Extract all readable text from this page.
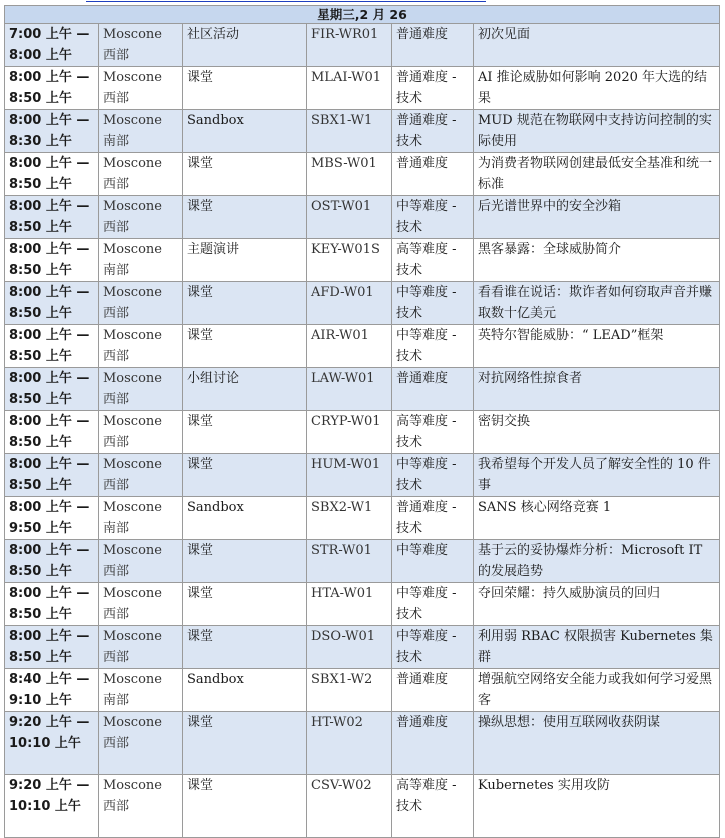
星期三,2 月 26					
7:00 上午 —8:00 上午	Moscone 西部	社区活动	FIR-WR01	普通难度	初次见面
8:00 上午 —8:50 上午	Moscone 西部	课堂	MLAI-W01	普通难度 - 技术	AI 推论威胁如何影响 2020 年大选的结果
8:00 上午 —8:30 上午	Moscone 南部	Sandbox	SBX1-W1	普通难度 - 技术	MUD 规范在物联网中支持访问控制的实际使用
8:00 上午 —8:50 上午	Moscone 西部	课堂	MBS-W01	普通难度	为消费者物联网创建最低安全基准和统一标准
8:00 上午 —8:50 上午	Moscone 西部	课堂	OST-W01	中等难度 - 技术	后光谱世界中的安全沙箱
8:00 上午 —8:50 上午	Moscone 南部	主题演讲	KEY-W01S	高等难度 - 技术	黑客暴露：全球威胁简介
8:00 上午 —8:50 上午	Moscone 西部	课堂	AFD-W01	中等难度 - 技术	看看谁在说话：欺诈者如何窃取声音并赚取数十亿美元
8:00 上午 —8:50 上午	Moscone 西部	课堂	AIR-W01	中等难度 - 技术	英特尔智能威胁：“ LEAD”框架
8:00 上午 —8:50 上午	Moscone 西部	小组讨论	LAW-W01	普通难度	对抗网络性掠食者
8:00 上午 —8:50 上午	Moscone 西部	课堂	CRYP-W01	高等难度 - 技术	密钥交换
8:00 上午 —8:50 上午	Moscone 西部	课堂	HUM-W01	中等难度 - 技术	我希望每个开发人员了解安全性的 10 件事
8:00 上午 —9:50 上午	Moscone 南部	Sandbox	SBX2-W1	普通难度 - 技术	SANS 核心网络竞赛 1
8:00 上午 —8:50 上午	Moscone 西部	课堂	STR-W01	中等难度	基于云的妥协爆炸分析：Microsoft IT 的发展趋势
8:00 上午 —8:50 上午	Moscone 西部	课堂	HTA-W01	中等难度 - 技术	夺回荣耀：持久威胁演员的回归
8:00 上午 —8:50 上午	Moscone 西部	课堂	DSO-W01	中等难度 - 技术	利用弱 RBAC 权限损害 Kubernetes 集群
8:40 上午 —9:10 上午	Moscone 南部	Sandbox	SBX1-W2	普通难度	增强航空网络安全能力或我如何学习爱黑客
9:20 上午 —10:10 上午	Moscone 西部	课堂	HT-W02	普通难度	操纵思想：使用互联网收获阴谋
9:20 上午 —10:10 上午	Moscone 西部	课堂	CSV-W02	高等难度 - 技术	Kubernetes 实用攻防
